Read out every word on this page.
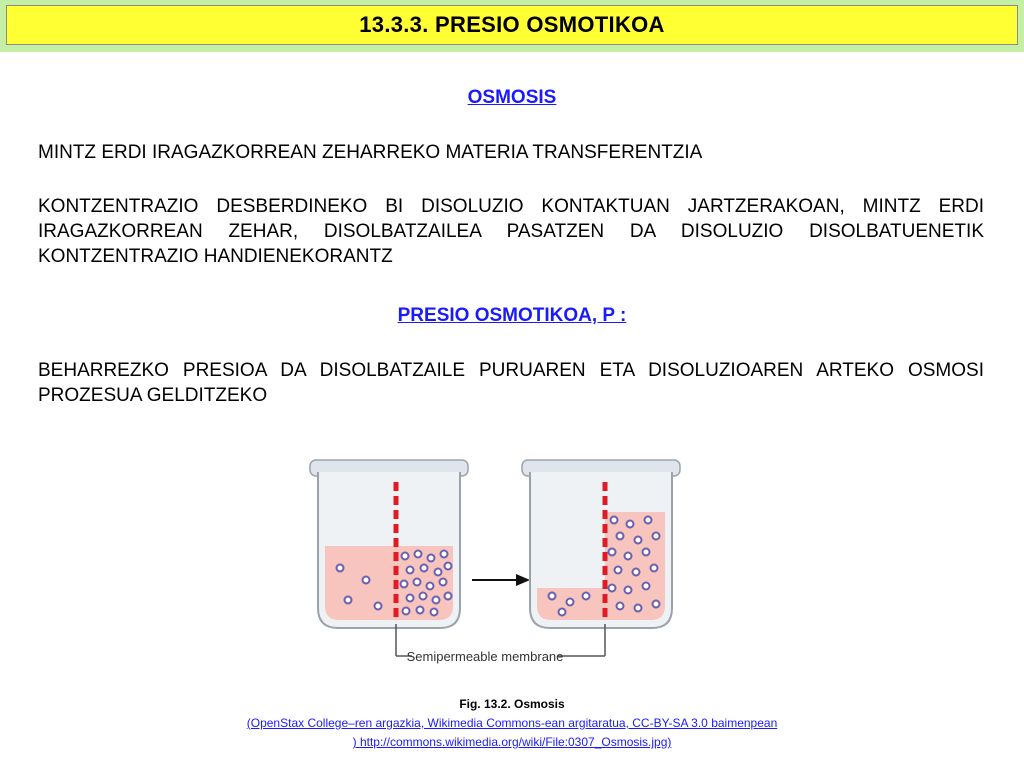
13.3.3. PRESIO OSMOTIKOA
OSMOSIS
MINTZ ERDI IRAGAZKORREAN ZEHARREKO MATERIA TRANSFERENTZIA
KONTZENTRAZIO DESBERDINEKO BI DISOLUZIO KONTAKTUAN JARTZERAKOAN, MINTZ ERDI IRAGAZKORREAN ZEHAR, DISOLBATZAILEA PASATZEN DA DISOLUZIO DISOLBATUENETIK KONTZENTRAZIO HANDIENEKORANTZ
PRESIO OSMOTIKOA, P :
BEHARREZKO PRESIOA DA DISOLBATZAILE PURUAREN ETA DISOLUZIOAREN ARTEKO OSMOSI PROZESUA GELDITZEKO
Semipermeable membrane
Fig. 13.2. Osmosis
(OpenStax College–ren argazkia, Wikimedia Commons-ean argitaratua, CC-BY-SA 3.0 baimenpean
) http://commons.wikimedia.org/wiki/File:0307_Osmosis.jpg)
